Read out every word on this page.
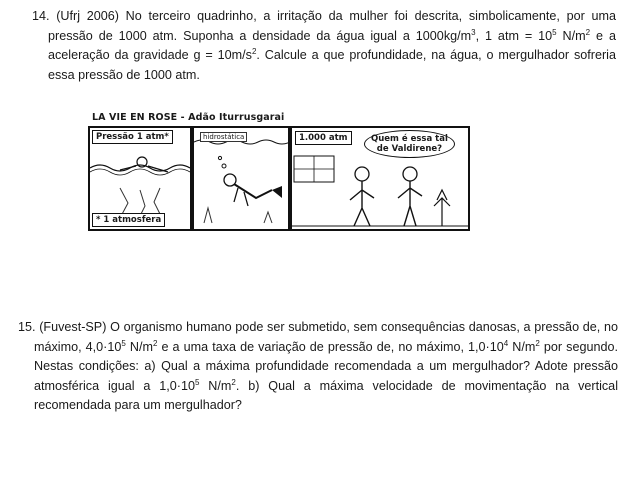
14. (Ufrj 2006) No terceiro quadrinho, a irritação da mulher foi descrita, simbolicamente, por uma pressão de 1000 atm. Suponha a densidade da água igual a $1000kg/m^3$, 1 atm = $10^5$ $N/m^2$ e a aceleração da gravidade $g = 10m/s^2$. Calcule a que profundidade, na água, o mergulhador sofreria essa pressão de 1000 atm.

LA VIE EN ROSE - Adão Iturrusgarai
Pressão 1 atm*
* 1 atmosfera
hidrostática	1.000 atm	Quem é essa tal
de Valdirene?

15. (Fuvest-SP) O organismo humano pode ser submetido, sem consequências danosas, a pressão de, no máximo, $4,0\cdot 10^5$ $N/m^2$ e a uma taxa de variação de pressão de, no máximo, $1,0\cdot 10^4$ $N/m^2$ por segundo. Nestas condições: a) Qual a máxima profundidade recomendada a um mergulhador? Adote pressão atmosférica igual a $1,0\cdot 10^5$ $N/m^2$. b) Qual a máxima velocidade de movimentação na vertical recomendada para um mergulhador?
